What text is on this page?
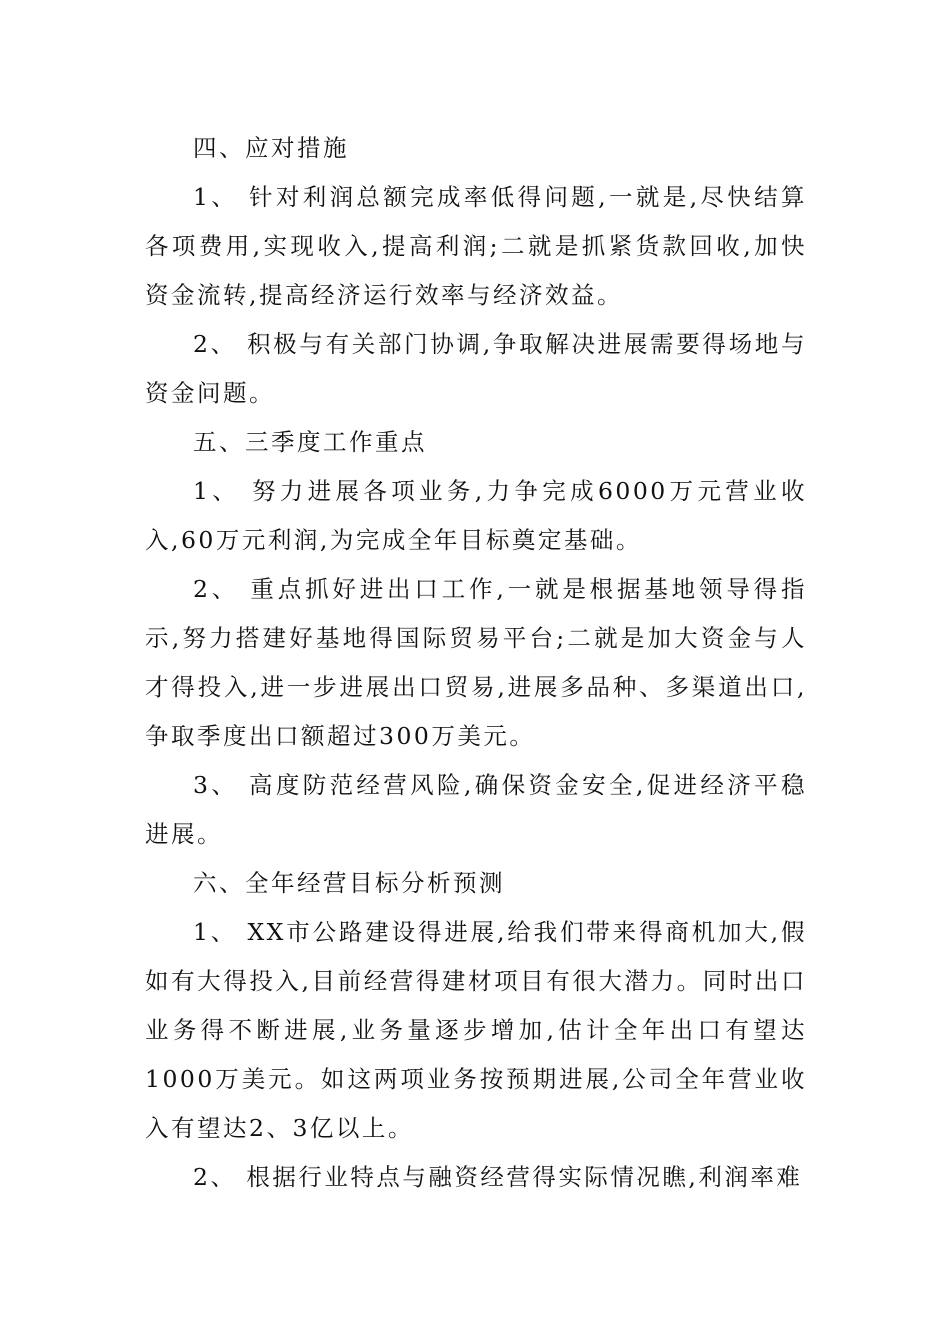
四、应对措施

1、 针对利润总额完成率低得问题,一就是,尽快结算各项费用,实现收入,提高利润;二就是抓紧货款回收,加快资金流转,提高经济运行效率与经济效益。

2、 积极与有关部门协调,争取解决进展需要得场地与资金问题。

五、三季度工作重点

1、 努力进展各项业务,力争完成6000万元营业收入,60万元利润,为完成全年目标奠定基础。

2、 重点抓好进出口工作,一就是根据基地领导得指示,努力搭建好基地得国际贸易平台;二就是加大资金与人才得投入,进一步进展出口贸易,进展多品种、多渠道出口,争取季度出口额超过300万美元。

3、 高度防范经营风险,确保资金安全,促进经济平稳进展。

六、全年经营目标分析预测

1、 XX市公路建设得进展,给我们带来得商机加大,假如有大得投入,目前经营得建材项目有很大潜力。同时出口业务得不断进展,业务量逐步增加,估计全年出口有望达1000万美元。如这两项业务按预期进展,公司全年营业收入有望达2、3亿以上。

2、 根据行业特点与融资经营得实际情况瞧,利润率难
